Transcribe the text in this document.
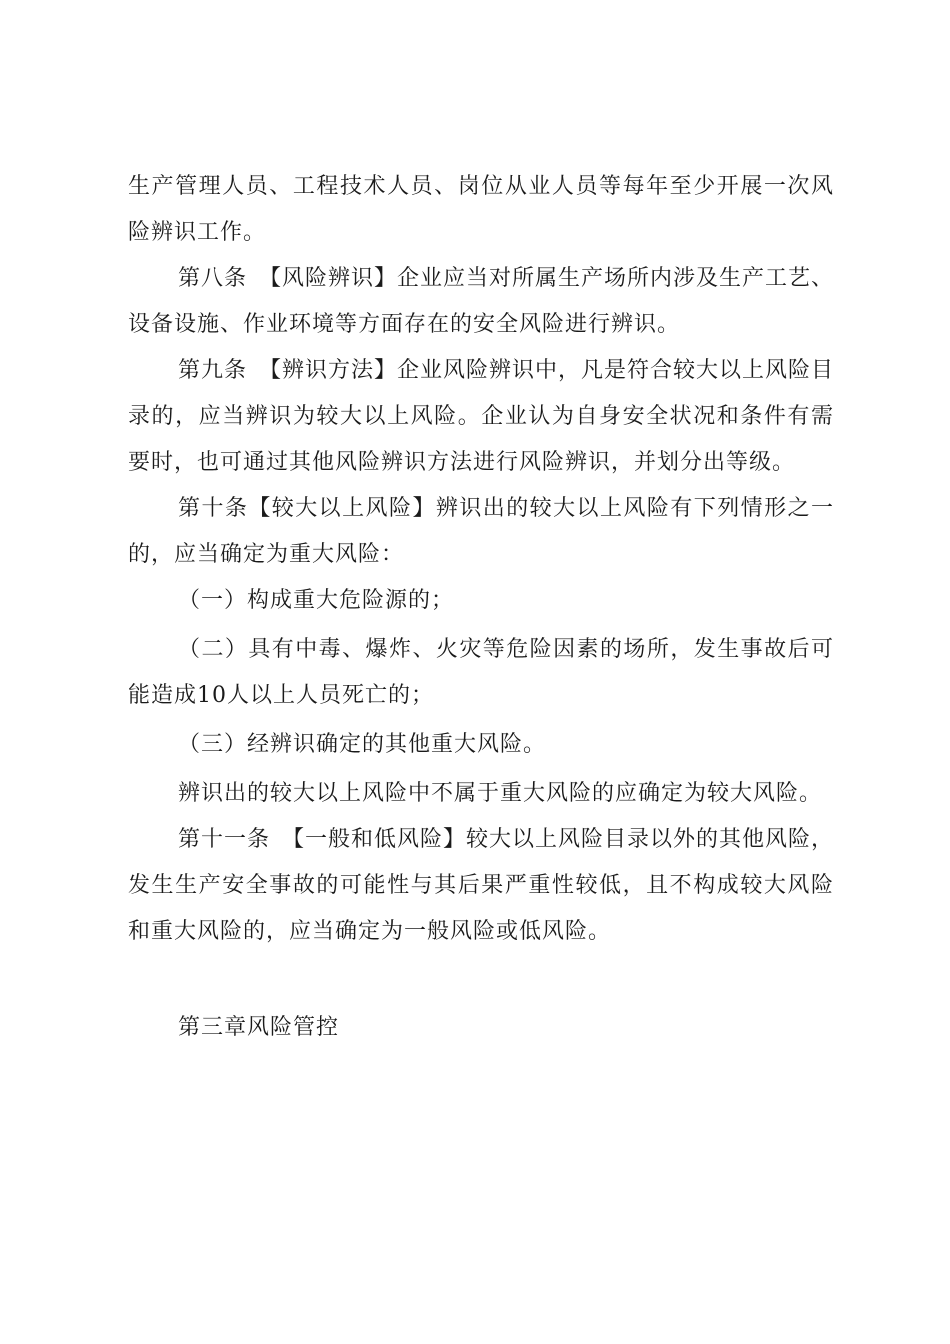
生产管理人员、工程技术人员、岗位从业人员等每年至少开展一次风险辨识工作。

第八条　【风险辨识】企业应当对所属生产场所内涉及生产工艺、设备设施、作业环境等方面存在的安全风险进行辨识。

第九条　【辨识方法】企业风险辨识中，凡是符合较大以上风险目录的，应当辨识为较大以上风险。企业认为自身安全状况和条件有需要时，也可通过其他风险辨识方法进行风险辨识，并划分出等级。

第十条【较大以上风险】辨识出的较大以上风险有下列情形之一的，应当确定为重大风险：

（一）构成重大危险源的；

（二）具有中毒、爆炸、火灾等危险因素的场所，发生事故后可能造成10人以上人员死亡的；

（三）经辨识确定的其他重大风险。

辨识出的较大以上风险中不属于重大风险的应确定为较大风险。

第十一条　【一般和低风险】较大以上风险目录以外的其他风险，发生生产安全事故的可能性与其后果严重性较低，且不构成较大风险和重大风险的，应当确定为一般风险或低风险。

第三章风险管控
